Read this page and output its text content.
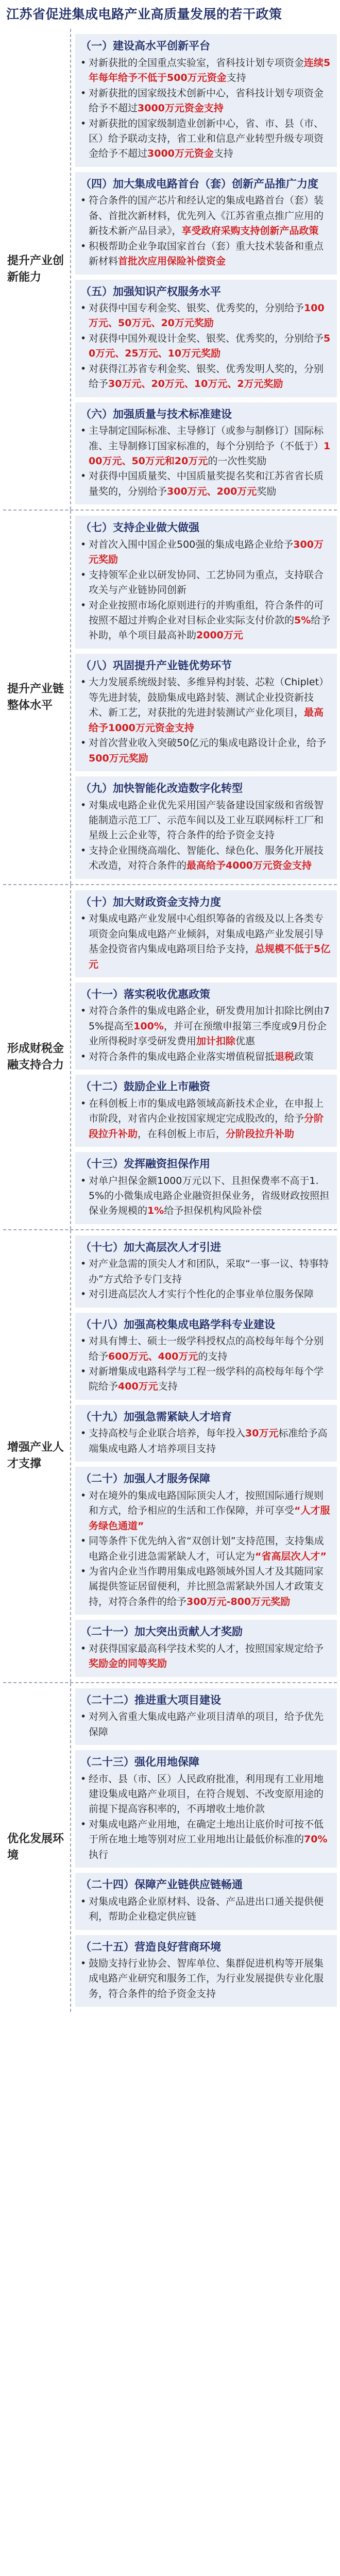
江苏省促进集成电路产业高质量发展的若干政策
提升产业创新能力
（一）建设高水平创新平台
• 对新获批的全国重点实验室，省科技计划专项资金连续5年每年给予不低于500万元资金支持
• 对新获批的国家级技术创新中心，省科技计划专项资金给予不超过3000万元资金支持
• 对新获批的国家级制造业创新中心，省、市、县（市、区）给予联动支持，省工业和信息产业转型升级专项资金给予不超过3000万元资金支持
（四）加大集成电路首台（套）创新产品推广力度
• 符合条件的国产芯片和经认定的集成电路首台（套）装备、首批次新材料，优先列入《江苏省重点推广应用的新技术新产品目录》，享受政府采购支持创新产品政策
• 积极帮助企业争取国家首台（套）重大技术装备和重点新材料首批次应用保险补偿资金
（五）加强知识产权服务水平
• 对获得中国专利金奖、银奖、优秀奖的，分别给予100万元、50万元、20万元奖励
• 对获得中国外观设计金奖、银奖、优秀奖的，分别给予50万元、25万元、10万元奖励
• 对获得江苏省专利金奖、银奖、优秀发明人奖的，分别给予30万元、20万元、10万元、2万元奖励
（六）加强质量与技术标准建设
• 主导制定国际标准、主导修订（或参与制修订）国际标准、主导制修订国家标准的，每个分别给予（不低于）100万元、50万元和20万元的一次性奖励
• 对获得中国质量奖、中国质量奖提名奖和江苏省省长质量奖的，分别给予300万元、200万元奖励
提升产业链整体水平
（七）支持企业做大做强
• 对首次入围中国企业500强的集成电路企业给予300万元奖励
• 支持领军企业以研发协同、工艺协同为重点，支持联合攻关与产业链协同创新
• 对企业按照市场化原则进行的并购重组，符合条件的可按照不超过并购企业对目标企业实际支付价款的5%给予补助，单个项目最高补助2000万元
（八）巩固提升产业链优势环节
• 大力发展系统级封装、多维异构封装、芯粒（Chiplet）等先进封装，鼓励集成电路封装、测试企业投资新技术、新工艺，对获批的先进封装测试产业化项目，最高给予1000万元资金支持
• 对首次营业收入突破50亿元的集成电路设计企业，给予500万元奖励
（九）加快智能化改造数字化转型
• 对集成电路企业优先采用国产装备建设国家级和省级智能制造示范工厂、示范车间以及工业互联网标杆工厂和星级上云企业等，符合条件的给予资金支持
• 支持企业围绕高端化、智能化、绿色化、服务化开展技术改造，对符合条件的最高给予4000万元资金支持
形成财税金融支持合力
（十）加大财政资金支持力度
• 对集成电路产业发展中心组织筹备的省级及以上各类专项资金向集成电路产业倾斜，对集成电路产业发展引导基金投资省内集成电路项目给予支持，总规模不低于5亿元
（十一）落实税收优惠政策
• 对符合条件的集成电路企业，研发费用加计扣除比例由75%提高至100%，并可在预缴申报第三季度或9月份企业所得税时享受研发费用加计扣除优惠
• 对符合条件的集成电路企业落实增值税留抵退税政策
（十二）鼓励企业上市融资
• 在科创板上市的集成电路领域高新技术企业，在申报上市阶段，对省内企业按国家规定完成股改的，给予分阶段拉升补助，在科创板上市后，分阶段拉升补助
（十三）发挥融资担保作用
• 对单户担保金额1000万元以下、且担保费率不高于1.5%的小微集成电路企业融资担保业务，省级财政按照担保业务规模的1%给予担保机构风险补偿
增强产业人才支撑
（十七）加大高层次人才引进
• 对产业急需的顶尖人才和团队，采取“一事一议、特事特办”方式给予专门支持
• 对引进高层次人才实行个性化的企事业单位服务保障
（十八）加强高校集成电路学科专业建设
• 对具有博士、硕士一级学科授权点的高校每年每个分别给予600万元、400万元的支持
• 对新增集成电路科学与工程一级学科的高校每年每个学院给予400万元支持
（十九）加强急需紧缺人才培育
• 支持高校与企业联合培养，每年投入30万元标准给予高端集成电路人才培养项目支持
（二十）加强人才服务保障
• 对在境外的集成电路国际顶尖人才，按照国际通行规则和方式，给予相应的生活和工作保障，并可享受“人才服务绿色通道”
• 同等条件下优先纳入省“双创计划”支持范围，支持集成电路企业引进急需紧缺人才，可认定为“省高层次人才”
• 为省内企业当作聘用集成电路领域外国人才及其随同家属提供签证居留便利，并比照急需紧缺外国人才政策支持，对符合条件的给予300万元-800万元奖励
（二十一）加大突出贡献人才奖励
• 对获得国家最高科学技术奖的人才，按照国家规定给予奖励金的同等奖励
优化发展环境
（二十二）推进重大项目建设
• 对列入省重大集成电路产业项目清单的项目，给予优先保障
（二十三）强化用地保障
• 经市、县（市、区）人民政府批准，利用现有工业用地建设集成电路产业项目，在符合规划、不改变原用途的前提下提高容积率的，不再增收土地价款
• 对集成电路产业用地，在确定土地出让底价时可按不低于所在地土地等别对应工业用地出让最低价标准的70%执行
（二十四）保障产业链供应链畅通
• 对集成电路企业原材料、设备、产品进出口通关提供便利，帮助企业稳定供应链
（二十五）营造良好营商环境
• 鼓励支持行业协会、智库单位、集群促进机构等开展集成电路产业研究和服务工作，为行业发展提供专业化服务，符合条件的给予资金支持
